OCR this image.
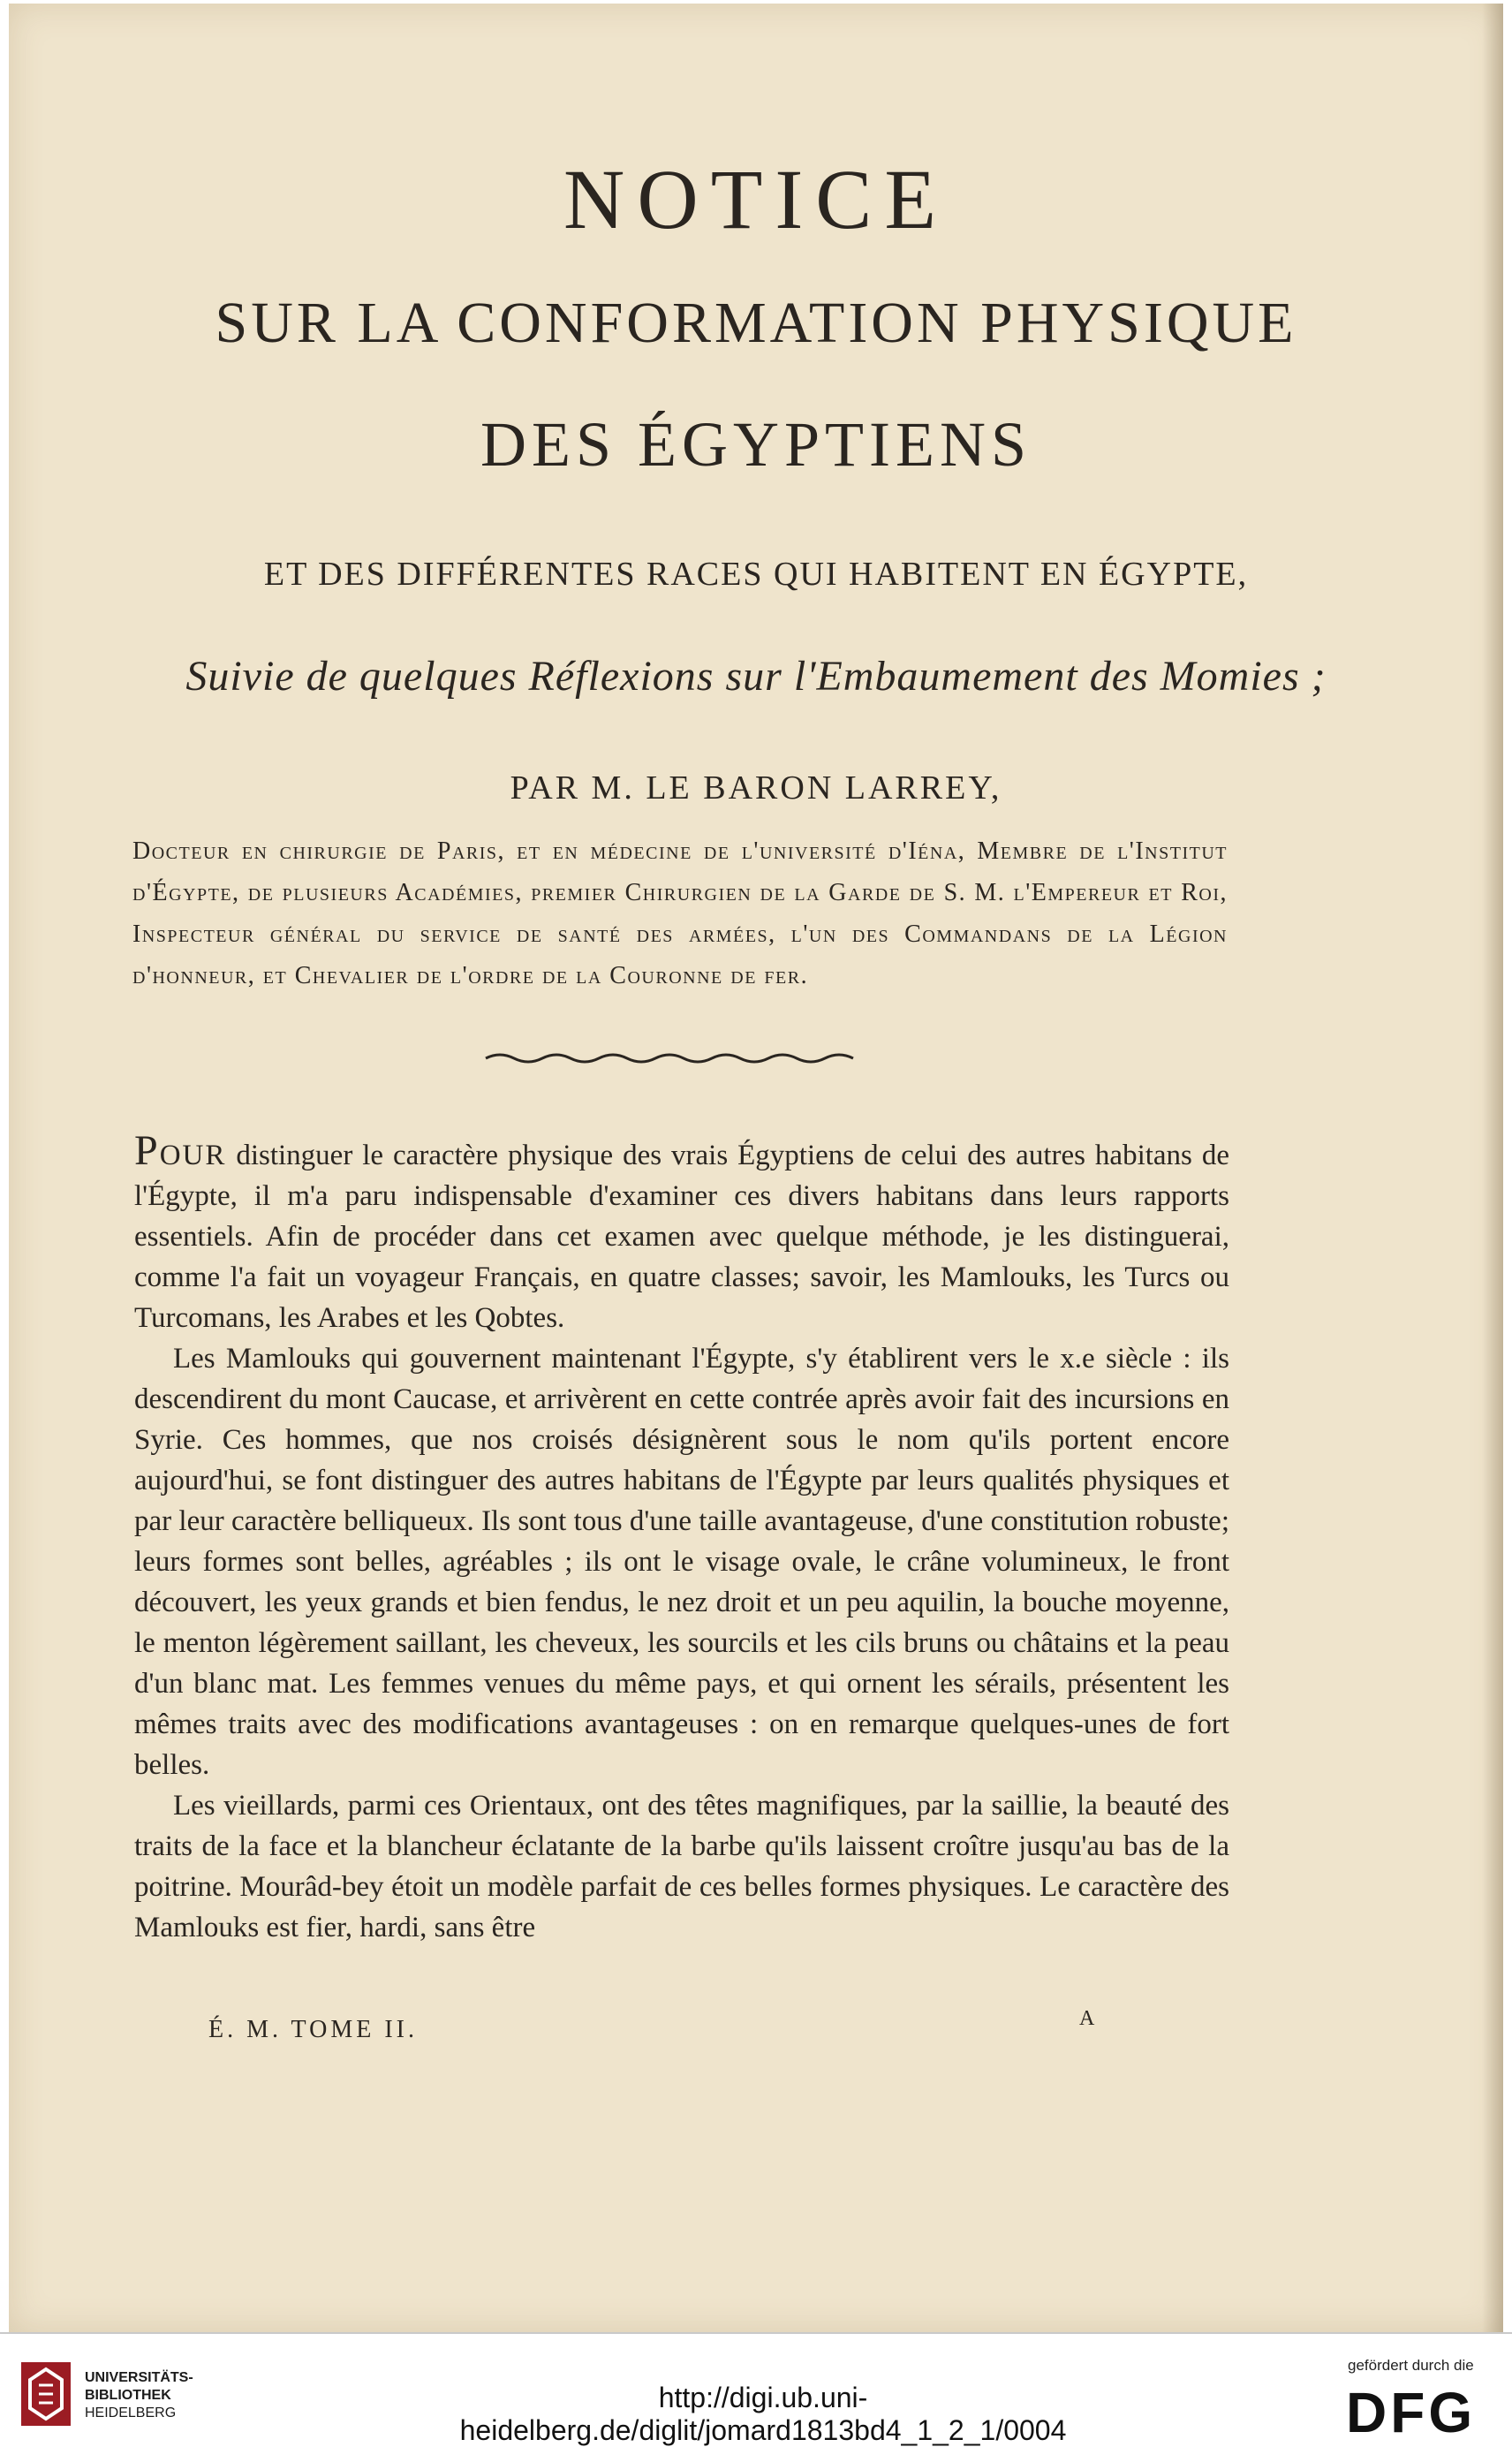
NOTICE
SUR LA CONFORMATION PHYSIQUE
DES ÉGYPTIENS
ET DES DIFFÉRENTES RACES QUI HABITENT EN ÉGYPTE,
Suivie de quelques Réflexions sur l'Embaumement des Momies ;
PAR M. LE BARON LARREY,
Docteur en chirurgie de Paris, et en médecine de l'université d'Iéna, Membre de l'Institut d'Égypte, de plusieurs Académies, premier Chirurgien de la Garde de S. M. l'Empereur et Roi, Inspecteur général du service de santé des armées, l'un des Commandans de la Légion d'honneur, et Chevalier de l'ordre de la Couronne de fer.

POUR distinguer le caractère physique des vrais Égyptiens de celui des autres habitans de l'Égypte, il m'a paru indispensable d'examiner ces divers habitans dans leurs rapports essentiels. Afin de procéder dans cet examen avec quelque méthode, je les distinguerai, comme l'a fait un voyageur Français, en quatre classes; savoir, les Mamlouks, les Turcs ou Turcomans, les Arabes et les Qobtes.

Les Mamlouks qui gouvernent maintenant l'Égypte, s'y établirent vers le x.e siècle : ils descendirent du mont Caucase, et arrivèrent en cette contrée après avoir fait des incursions en Syrie. Ces hommes, que nos croisés désignèrent sous le nom qu'ils portent encore aujourd'hui, se font distinguer des autres habitans de l'Égypte par leurs qualités physiques et par leur caractère belliqueux. Ils sont tous d'une taille avantageuse, d'une constitution robuste; leurs formes sont belles, agréables ; ils ont le visage ovale, le crâne volumineux, le front découvert, les yeux grands et bien fendus, le nez droit et un peu aquilin, la bouche moyenne, le menton légèrement saillant, les cheveux, les sourcils et les cils bruns ou châtains et la peau d'un blanc mat. Les femmes venues du même pays, et qui ornent les sérails, présentent les mêmes traits avec des modifications avantageuses : on en remarque quelques-unes de fort belles.

Les vieillards, parmi ces Orientaux, ont des têtes magnifiques, par la saillie, la beauté des traits de la face et la blancheur éclatante de la barbe qu'ils laissent croître jusqu'au bas de la poitrine. Mourâd-bey étoit un modèle parfait de ces belles formes physiques. Le caractère des Mamlouks est fier, hardi, sans être

É. M. TOME II.	A
UNIVERSITÄTS-
BIBLIOTHEK
HEIDELBERG	http://digi.ub.uni-heidelberg.de/diglit/jomard1813bd4_1_2_1/0004
gefördert durch die
DFG
